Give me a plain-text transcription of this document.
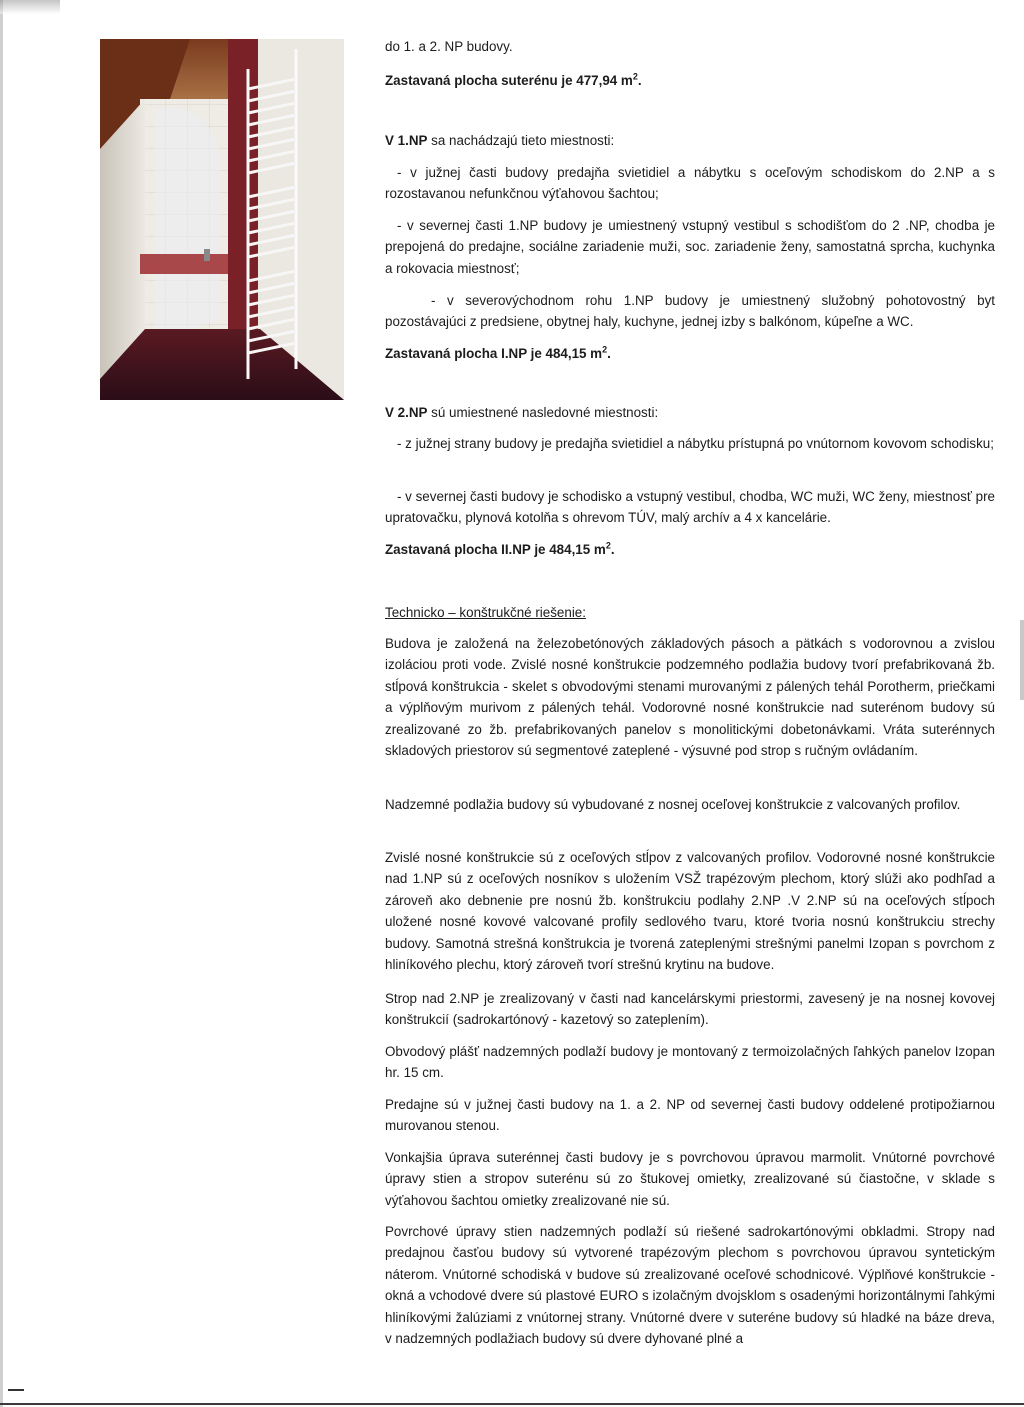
do 1. a 2. NP budovy.

Zastavaná plocha suterénu je 477,94 $m^2$.

V 1.NP sa nachádzajú tieto miestnosti:

- v južnej časti budovy predajňa svietidiel a nábytku s oceľovým schodiskom do 2.NP a s rozostavanou nefunkčnou výťahovou šachtou;

- v severnej časti 1.NP budovy je umiestnený vstupný vestibul s schodišťom do 2 .NP, chodba je prepojená do predajne, sociálne zariadenie muži, soc. zariadenie ženy, samostatná sprcha, kuchynka a rokovacia miestnosť;

- v severovýchodnom rohu 1.NP budovy je umiestnený služobný pohotovostný byt pozostávajúci z predsiene, obytnej haly, kuchyne, jednej izby s balkónom, kúpeľne a WC.

Zastavaná plocha I.NP je 484,15 $m^2$.

V 2.NP sú umiestnené nasledovné miestnosti:

- z južnej strany budovy je predajňa svietidiel a nábytku prístupná po vnútornom kovovom schodisku;

- v severnej časti budovy je schodisko a vstupný vestibul, chodba, WC muži, WC ženy, miestnosť pre upratovačku, plynová kotolňa s ohrevom TÚV, malý archív a 4 x kancelárie.

Zastavaná plocha II.NP je 484,15 $m^2$.

Technicko – konštrukčné riešenie:

Budova je založená na železobetónových základových pásoch a pätkách s vodorovnou a zvislou izoláciou proti vode. Zvislé nosné konštrukcie podzemného podlažia budovy tvorí prefabrikovaná žb. stĺpová konštrukcia - skelet s obvodovými stenami murovanými z pálených tehál Porotherm, priečkami a výplňovým murivom z pálených tehál. Vodorovné nosné konštrukcie nad suterénom budovy sú zrealizované zo žb. prefabrikovaných panelov s monolitickými dobetonávkami. Vráta suterénnych skladových priestorov sú segmentové zateplené - výsuvné pod strop s ručným ovládaním.

Nadzemné podlažia budovy sú vybudované z nosnej oceľovej konštrukcie z valcovaných profilov.

Zvislé nosné konštrukcie sú z oceľových stĺpov z valcovaných profilov. Vodorovné nosné konštrukcie nad 1.NP sú z oceľových nosníkov s uložením VSŽ trapézovým plechom, ktorý slúži ako podhľad a zároveň ako debnenie pre nosnú žb. konštrukciu podlahy 2.NP .V 2.NP sú na oceľových stĺpoch uložené nosné kovové valcované profily sedlového tvaru, ktoré tvoria nosnú konštrukciu strechy budovy. Samotná strešná konštrukcia je tvorená zateplenými strešnými panelmi Izopan s povrchom z hliníkového plechu, ktorý zároveň tvorí strešnú krytinu na budove.

Strop nad 2.NP je zrealizovaný v časti nad kancelárskymi priestormi, zavesený je na nosnej kovovej konštrukcií (sadrokartónový - kazetový so zateplením).

Obvodový plášť nadzemných podlaží budovy je montovaný z termoizolačných ľahkých panelov Izopan hr. 15 cm.

Predajne sú v južnej časti budovy na 1. a 2. NP od severnej časti budovy oddelené protipožiarnou murovanou stenou.

Vonkajšia úprava suterénnej časti budovy je s povrchovou úpravou marmolit. Vnútorné povrchové úpravy stien a stropov suterénu sú zo štukovej omietky, zrealizované sú čiastočne, v sklade s výťahovou šachtou omietky zrealizované nie sú.

Povrchové úpravy stien nadzemných podlaží sú riešené sadrokartónovými obkladmi. Stropy nad predajnou časťou budovy sú vytvorené trapézovým plechom s povrchovou úpravou syntetickým náterom. Vnútorné schodiská v budove sú zrealizované oceľové schodnicové. Výplňové konštrukcie - okná a vchodové dvere sú plastové EURO s izolačným dvojsklom s osadenými horizontálnymi ľahkými hliníkovými žalúziami z vnútornej strany. Vnútorné dvere v suteréne budovy sú hladké na báze dreva, v nadzemných podlažiach budovy sú dvere dyhované plné a
